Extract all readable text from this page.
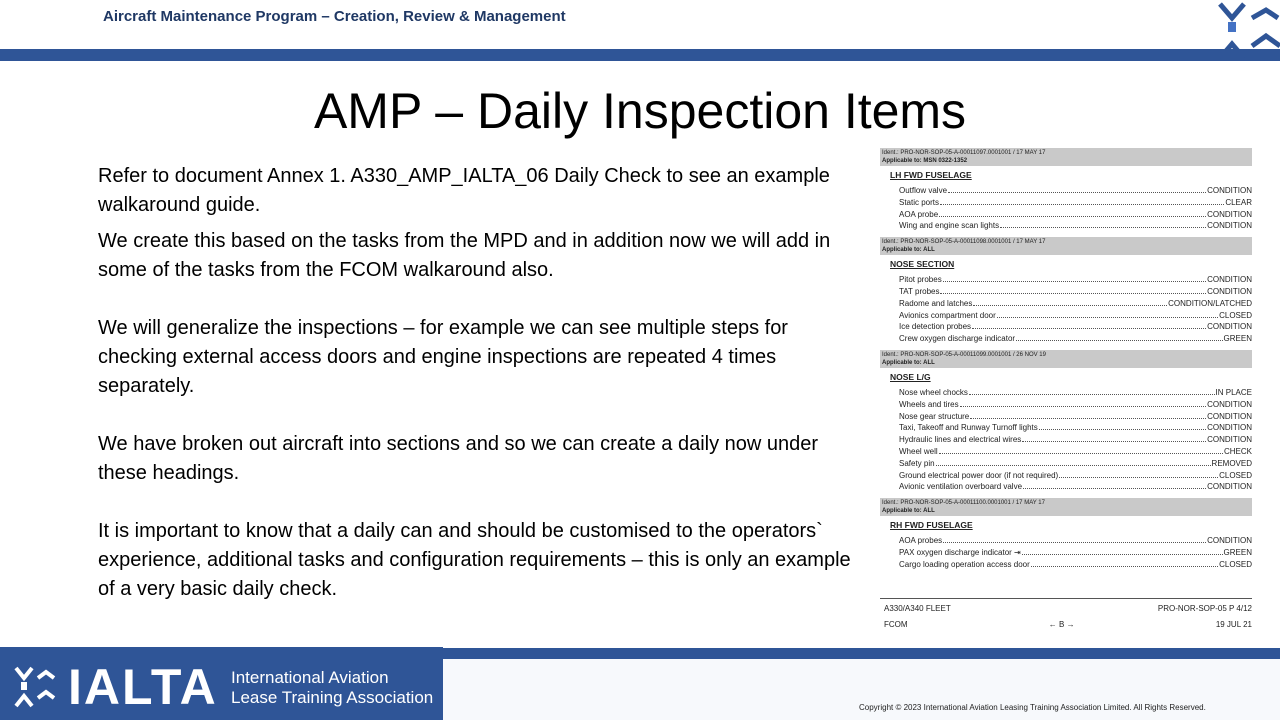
Aircraft Maintenance Program – Creation, Review & Management
AMP – Daily Inspection Items

Refer to document Annex 1. A330_AMP_IALTA_06 Daily Check to see an example walkaround guide.

We create this based on the tasks from the MPD and in addition now we will add in some of the tasks from the FCOM walkaround also.

We will generalize the inspections – for example we can see multiple steps for checking external access doors and engine inspections are repeated 4 times separately.

We have broken out aircraft into sections and so we can create a daily now under these headings.

It is important to know that a daily can and should be customised to the operators` experience, additional tasks and configuration requirements – this is only an example of a very basic daily check.

Ident.: PRO-NOR-SOP-05-A-00011097.0001001 / 17 MAY 17
Applicable to: MSN 0322-1352
LH FWD FUSELAGE
Outflow valve	CONDITION
Static ports	CLEAR
AOA probe	CONDITION
Wing and engine scan lights	CONDITION
Ident.: PRO-NOR-SOP-05-A-00011098.0001001 / 17 MAY 17
Applicable to: ALL
NOSE SECTION
Pitot probes	CONDITION
TAT probes	CONDITION
Radome and latches	CONDITION/LATCHED
Avionics compartment door	CLOSED
Ice detection probes	CONDITION
Crew oxygen discharge indicator	GREEN
Ident.: PRO-NOR-SOP-05-A-00011099.0001001 / 26 NOV 19
Applicable to: ALL
NOSE L/G
Nose wheel chocks	IN PLACE
Wheels and tires	CONDITION
Nose gear structure	CONDITION
Taxi, Takeoff and Runway Turnoff lights	CONDITION
Hydraulic lines and electrical wires	CONDITION
Wheel well	CHECK
Safety pin	REMOVED
Ground electrical power door (if not required)	CLOSED
Avionic ventilation overboard valve	CONDITION
Ident.: PRO-NOR-SOP-05-A-00011100.0001001 / 17 MAY 17
Applicable to: ALL
RH FWD FUSELAGE
AOA probes	CONDITION
PAX oxygen discharge indicator ⇥	GREEN
Cargo loading operation access door	CLOSED
A330/A340 FLEET	PRO-NOR-SOP-05 P 4/12
FCOM	← B →	19 JUL 21
IALTA International Aviation
Lease Training Association
Copyright © 2023 International Aviation Leasing Training Association Limited. All Rights Reserved.
